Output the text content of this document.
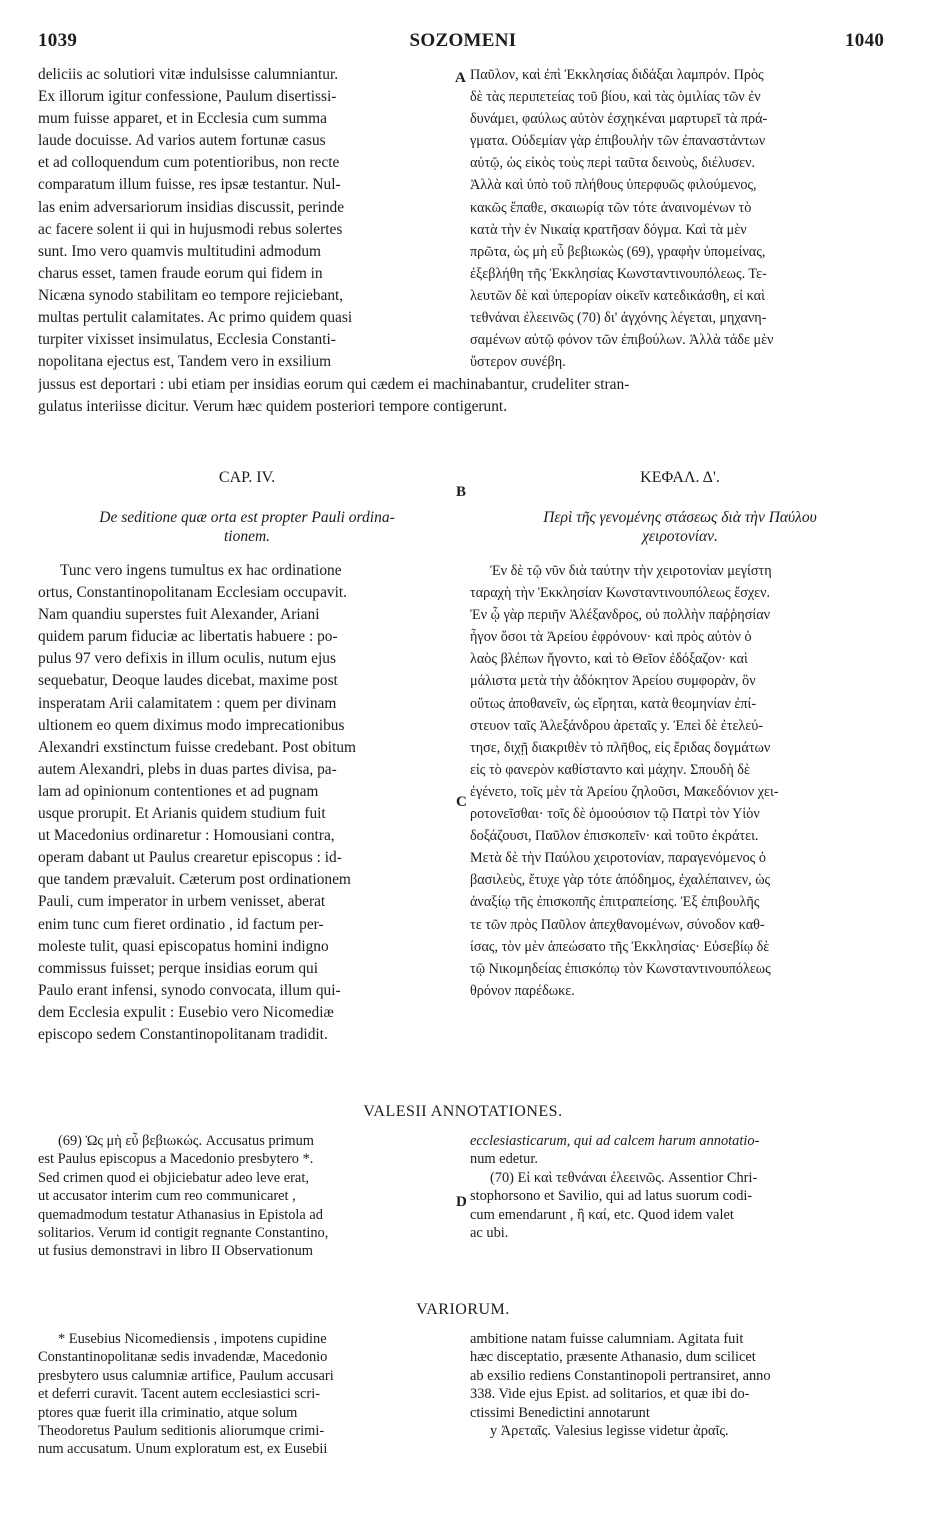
1039	SOZOMENI	1040
A
B
C
D
deliciis ac solutiori vitæ indulsisse calumniantur.
Ex illorum igitur confessione, Paulum disertissi-
mum fuisse apparet, et in Ecclesia cum summa
laude docuisse. Ad varios autem fortunæ casus
et ad colloquendum cum potentioribus, non recte
comparatum illum fuisse, res ipsæ testantur. Nul-
las enim adversariorum insidias discussit, perinde
ac facere solent ii qui in hujusmodi rebus solertes
sunt. Imo vero quamvis multitudini admodum
charus esset, tamen fraude eorum qui fidem in
Nicæna synodo stabilitam eo tempore rejiciebant,
multas pertulit calamitates. Ac primo quidem quasi
turpiter vixisset insimulatus, Ecclesia Constanti-
nopolitana ejectus est, Tandem vero in exsilium
Παῦλον, καὶ ἐπὶ Ἐκκλησίας διδάξαι λαμπρόν. Πρὸς
δὲ τὰς περιπετείας τοῦ βίου, καὶ τὰς ὁμιλίας τῶν ἐν
δυνάμει, φαύλως αὐτὸν ἐσχηκέναι μαρτυρεῖ τὰ πρά-
γματα. Οὐδεμίαν γὰρ ἐπιβουλὴν τῶν ἐπαναστάντων
αὐτῷ, ὡς εἰκὸς τοὺς περὶ ταῦτα δεινοὺς, διέλυσεν.
Ἀλλὰ καὶ ὑπὸ τοῦ πλήθους ὑπερφυῶς φιλούμενος,
κακῶς ἔπαθε, σκαιωρίᾳ τῶν τότε ἀναινομένων τὸ
κατὰ τὴν ἐν Νικαίᾳ κρατῆσαν δόγμα. Καὶ τὰ μὲν
πρῶτα, ὡς μὴ εὖ βεβιωκὼς (69), γραφὴν ὑπομείνας,
ἐξεβλήθη τῆς Ἐκκλησίας Κωνσταντινουπόλεως. Τε-
λευτῶν δὲ καὶ ὑπερορίαν οἰκεῖν κατεδικάσθη, εἰ καὶ
τεθνάναι ἐλεεινῶς (70) δι' ἀγχόνης λέγεται, μηχανη-
σαμένων αὐτῷ φόνον τῶν ἐπιβούλων. Ἀλλὰ τάδε μὲν
ὕστερον συνέβη.
jussus est deportari : ubi etiam per insidias eorum qui cædem ei machinabantur, crudeliter stran-
gulatus interiisse dicitur. Verum hæc quidem posteriori tempore contigerunt.
CAP. IV.	ΚΕΦΑΛ. Δ'.
De seditione quæ orta est propter Pauli ordina-
tionem.
Περὶ τῆς γενομένης στάσεως διὰ τὴν Παύλου
χειροτονίαν.
Tunc vero ingens tumultus ex hac ordinatione
ortus, Constantinopolitanam Ecclesiam occupavit.
Nam quandiu superstes fuit Alexander, Ariani
quidem parum fiduciæ ac libertatis habuere : po-
pulus 97 vero defixis in illum oculis, nutum ejus
sequebatur, Deoque laudes dicebat, maxime post
insperatam Arii calamitatem : quem per divinam
ultionem eo quem diximus modo imprecationibus
Alexandri exstinctum fuisse credebant. Post obitum
autem Alexandri, plebs in duas partes divisa, pa-
lam ad opinionum contentiones et ad pugnam
usque prorupit. Et Arianis quidem studium fuit
ut Macedonius ordinaretur : Homousiani contra,
operam dabant ut Paulus crearetur episcopus : id-
que tandem prævaluit. Cæterum post ordinationem
Pauli, cum imperator in urbem venisset, aberat
enim tunc cum fieret ordinatio , id factum per-
moleste tulit, quasi episcopatus homini indigno
commissus fuisset; perque insidias eorum qui
Paulo erant infensi, synodo convocata, illum qui-
dem Ecclesia expulit : Eusebio vero Nicomediæ
episcopo sedem Constantinopolitanam tradidit.
Ἐν δὲ τῷ νῦν διὰ ταύτην τὴν χειροτονίαν μεγίστη
ταραχὴ τὴν Ἐκκλησίαν Κωνσταντινουπόλεως ἔσχεν.
Ἐν ᾧ γὰρ περιῆν Ἀλέξανδρος, οὐ πολλὴν παῤῥησίαν
ἦγον ὅσοι τὰ Ἀρείου ἐφρόνουν· καὶ πρὸς αὐτὸν ὁ
λαὸς βλέπων ἤγοντο, καὶ τὸ Θεῖον ἐδόξαζον· καὶ
μάλιστα μετὰ τὴν ἀδόκητον Ἀρείου συμφορὰν, ὃν
οὕτως ἀποθανεῖν, ὡς εἴρηται, κατὰ θεομηνίαν ἐπί-
στευον ταῖς Ἀλεξάνδρου ἀρεταῖς y. Ἐπεὶ δὲ ἐτελεύ-
τησε, διχῇ διακριθὲν τὸ πλῆθος, εἰς ἔριδας δογμάτων
εἰς τὸ φανερὸν καθίσταντο καὶ μάχην. Σπουδὴ δὲ
ἐγένετο, τοῖς μὲν τὰ Ἀρείου ζηλοῦσι, Μακεδόνιον χει-
ροτονεῖσθαι· τοῖς δὲ ὁμοούσιον τῷ Πατρὶ τὸν Υἱὸν
δοξάζουσι, Παῦλον ἐπισκοπεῖν· καὶ τοῦτο ἐκράτει.
Μετὰ δὲ τὴν Παύλου χειροτονίαν, παραγενόμενος ὁ
βασιλεὺς, ἔτυχε γὰρ τότε ἀπόδημος, ἐχαλέπαινεν, ὡς
ἀναξίῳ τῆς ἐπισκοπῆς ἐπιτραπείσης. Ἐξ ἐπιβουλῆς
τε τῶν πρὸς Παῦλον ἀπεχθανομένων, σύνοδον καθ-
ίσας, τὸν μὲν ἀπεώσατο τῆς Ἐκκλησίας· Εὐσεβίῳ δὲ
τῷ Νικομηδείας ἐπισκόπῳ τὸν Κωνσταντινουπόλεως
θρόνον παρέδωκε.
VALESII ANNOTATIONES.
(69) Ὡς μὴ εὖ βεβιωκώς. Accusatus primum
est Paulus episcopus a Macedonio presbytero *.
Sed crimen quod ei objiciebatur adeo leve erat,
ut accusator interim cum reo communicaret ,
quemadmodum testatur Athanasius in Epistola ad
solitarios. Verum id contigit regnante Constantino,
ut fusius demonstravi in libro II Observationum
ecclesiasticarum, qui ad calcem harum annotatio-
num edetur.
(70) Εἰ καὶ τεθνάναι ἐλεεινῶς. Assentior Chri-
stophorsono et Savilio, qui ad latus suorum codi-
cum emendarunt , ἢ καί, etc. Quod idem valet
ac ubi.
VARIORUM.
* Eusebius Nicomediensis , impotens cupidine
Constantinopolitanæ sedis invadendæ, Macedonio
presbytero usus calumniæ artifice, Paulum accusari
et deferri curavit. Tacent autem ecclesiastici scri-
ptores quæ fuerit illa criminatio, atque solum
Theodoretus Paulum seditionis aliorumque crimi-
num accusatum. Unum exploratum est, ex Eusebii
ambitione natam fuisse calumniam. Agitata fuit
hæc disceptatio, præsente Athanasio, dum scilicet
ab exsilio rediens Constantinopoli pertransiret, anno
338. Vide ejus Epist. ad solitarios, et quæ ibi do-
ctissimi Benedictini annotarunt
y Ἀρεταῖς. Valesius legisse videtur ἀραῖς.
